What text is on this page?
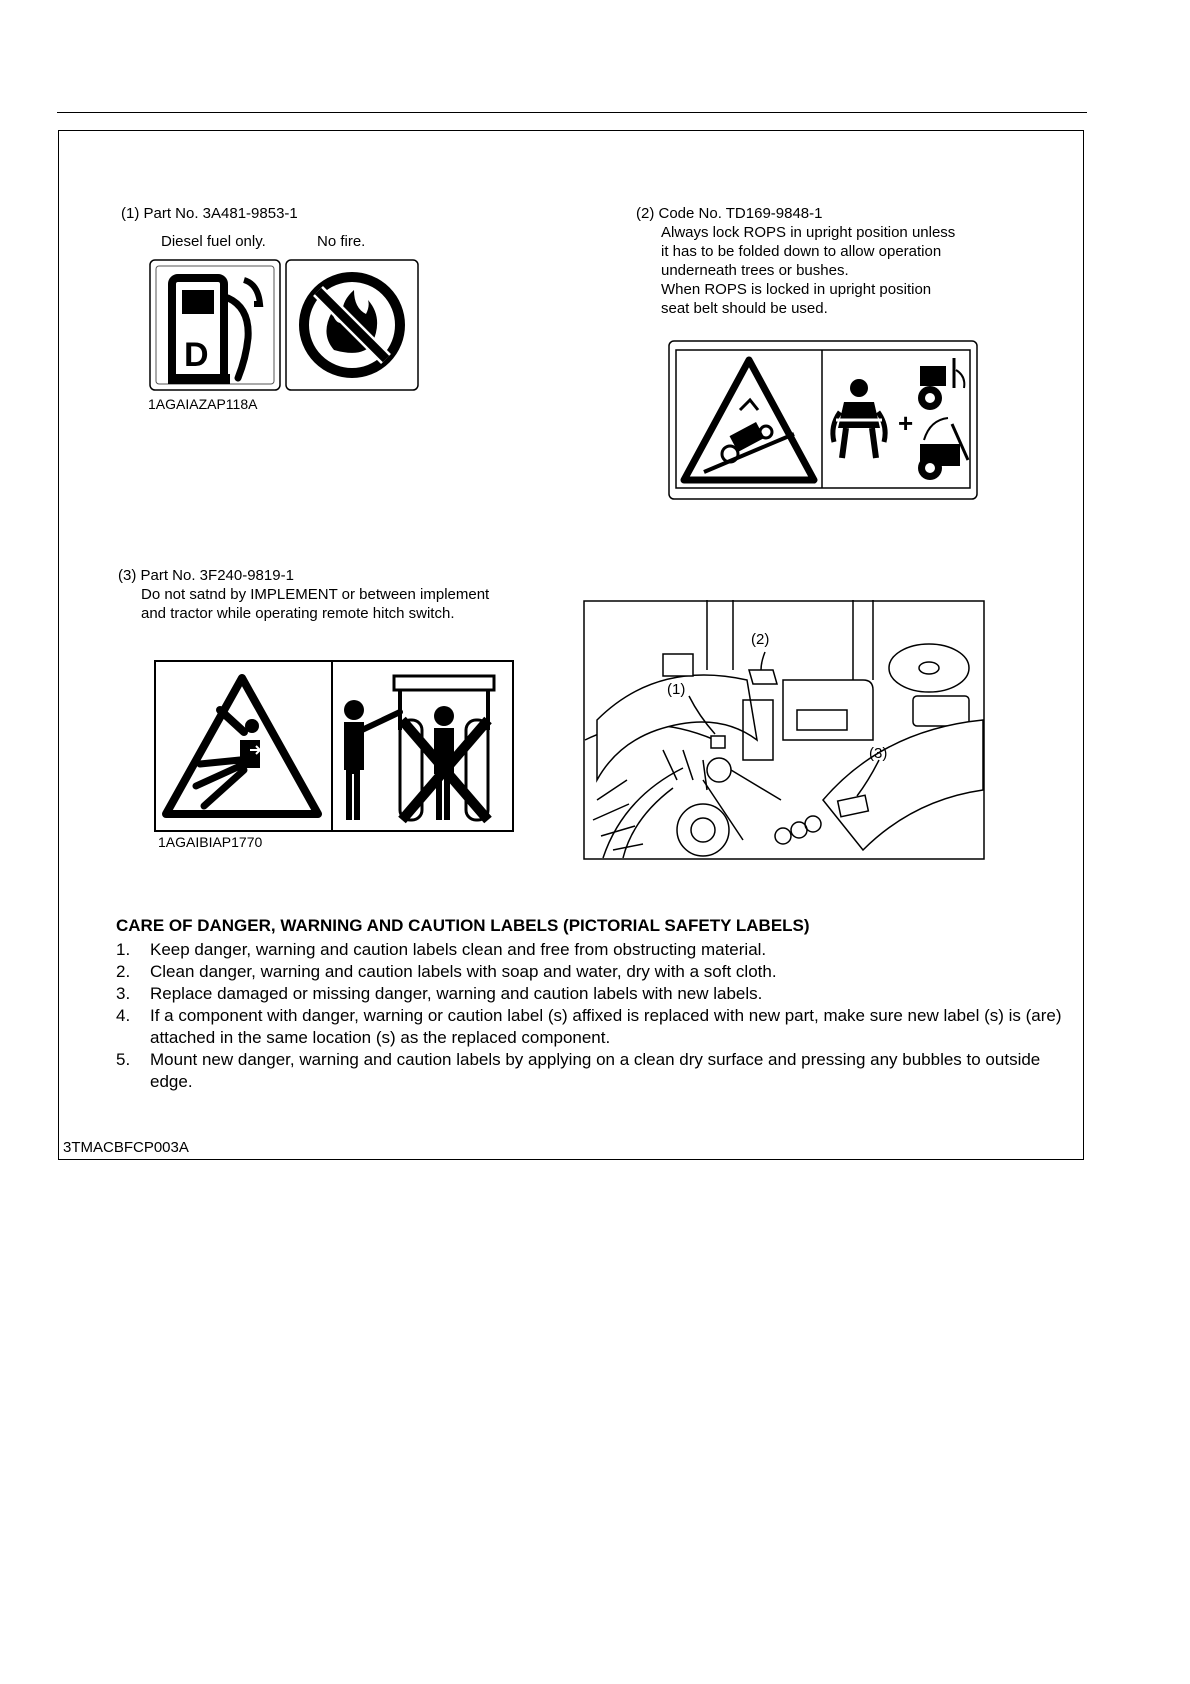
(1) Part No. 3A481-9853-1
Diesel fuel only.	No fire.
D
1AGAIAZAP118A
(2) Code No. TD169-9848-1
Always lock ROPS in upright position unless
it has to be folded down to allow operation
underneath trees or bushes.
When ROPS is locked in upright position
seat belt should be used.
+
(3) Part No. 3F240-9819-1
Do not satnd by IMPLEMENT or between implement
and tractor while operating remote hitch switch.
1AGAIBIAP1770
(1)
(2)
(3)
CARE OF DANGER, WARNING AND CAUTION LABELS (PICTORIAL SAFETY LABELS)
1. Keep danger, warning and caution labels clean and free from obstructing material.
2. Clean danger, warning and caution labels with soap and water, dry with a soft cloth.
3. Replace damaged or missing danger, warning and caution labels with new labels.
4. If a component with danger, warning or caution label (s) affixed is replaced with new part, make sure new label (s) is (are) attached in the same location (s) as the replaced component.
5. Mount new danger, warning and caution labels by applying on a clean dry surface and pressing any bubbles to outside edge.
3TMACBFCP003A
